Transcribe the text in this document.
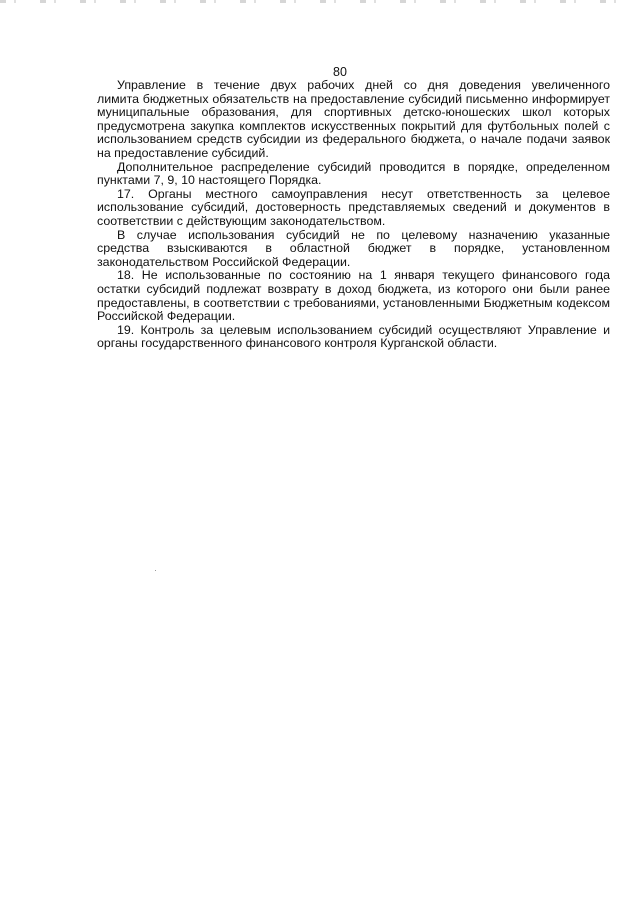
80
Управление в течение двух рабочих дней со дня доведения увеличенного
лимита бюджетных обязательств на предоставление субсидий письменно информирует
муниципальные образования, для спортивных детско-юношеских школ которых
предусмотрена закупка комплектов искусственных покрытий для футбольных полей с
использованием средств субсидии из федерального бюджета, о начале подачи заявок
на предоставление субсидий.
Дополнительное распределение субсидий проводится в порядке, определенном
пунктами 7, 9, 10 настоящего Порядка.
17. Органы местного самоуправления несут ответственность за целевое
использование субсидий, достоверность представляемых сведений и документов в
соответствии с действующим законодательством.
В случае использования субсидий не по целевому назначению указанные
средства взыскиваются в областной бюджет в порядке, установленном
законодательством Российской Федерации.
18. Не использованные по состоянию на 1 января текущего финансового года
остатки субсидий подлежат возврату в доход бюджета, из которого они были ранее
предоставлены, в соответствии с требованиями, установленными Бюджетным кодексом
Российской Федерации.
19. Контроль за целевым использованием субсидий осуществляют Управление и
органы государственного финансового контроля Курганской области.
